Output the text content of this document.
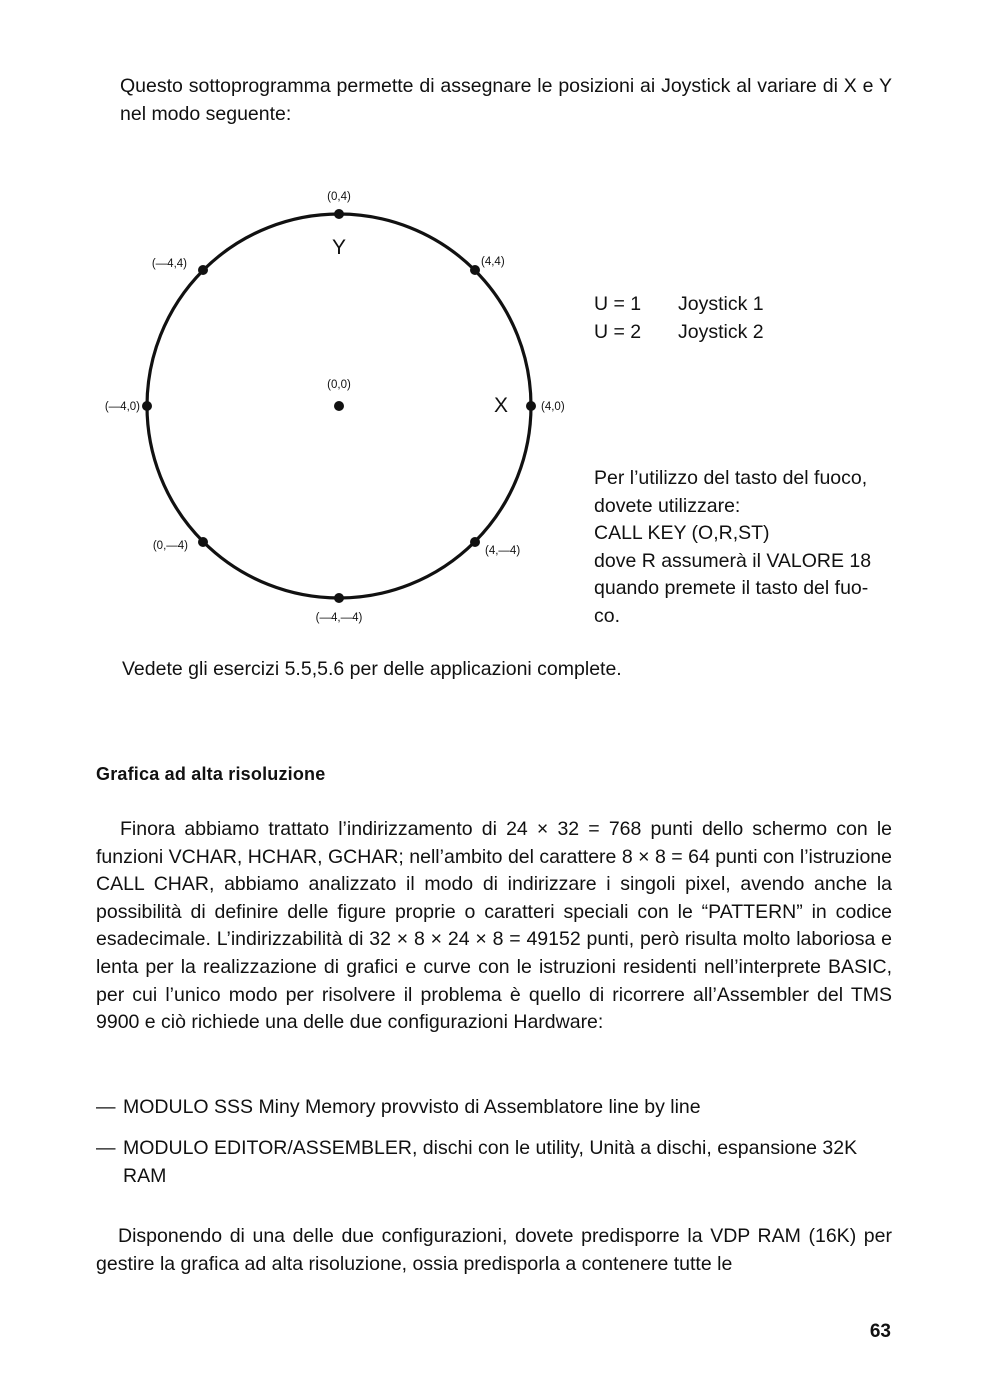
Questo sottoprogramma permette di assegnare le posizioni ai Joystick al variare di X e Y nel modo seguente:

(0,4)
(4,4)
(4,0)
(4,—4)
(—4,—4)
(0,—4)
(—4,0)
(—4,4)
(0,0)
Y
X
U = 1	Joystick 1
U = 2	Joystick 2
Per l’utilizzo del tasto del fuoco,
dovete utilizzare:
CALL KEY (O,R,ST)
dove R assumerà il VALORE 18
quando premete il tasto del fuo-
co.

Vedete gli esercizi 5.5,5.6 per delle applicazioni complete.

Grafica ad alta risoluzione

Finora abbiamo trattato l’indirizzamento di 24 × 32 = 768 punti dello schermo con le funzioni VCHAR, HCHAR, GCHAR; nell’ambito del carattere 8 × 8 = 64 punti con l’istruzione CALL CHAR, abbiamo analizzato il modo di indirizzare i singoli pixel, avendo anche la possibilità di definire delle figure proprie o caratteri speciali con le “PATTERN” in codice esadecimale. L’indirizzabilità di 32 × 8 × 24 × 8 = 49152 punti, però risulta molto laboriosa e lenta per la realizzazione di grafici e curve con le istruzioni residenti nell’interprete BASIC, per cui l’unico modo per risolvere il problema è quello di ricorrere all’Assembler del TMS 9900 e ciò richiede una delle due configurazioni Hardware:

— MODULO SSS Miny Memory provvisto di Assemblatore line by line
— MODULO EDITOR/ASSEMBLER, dischi con le utility, Unità a dischi, espansione 32K RAM

Disponendo di una delle due configurazioni, dovete predisporre la VDP RAM (16K) per gestire la grafica ad alta risoluzione, ossia predisporla a contenere tutte le

63
